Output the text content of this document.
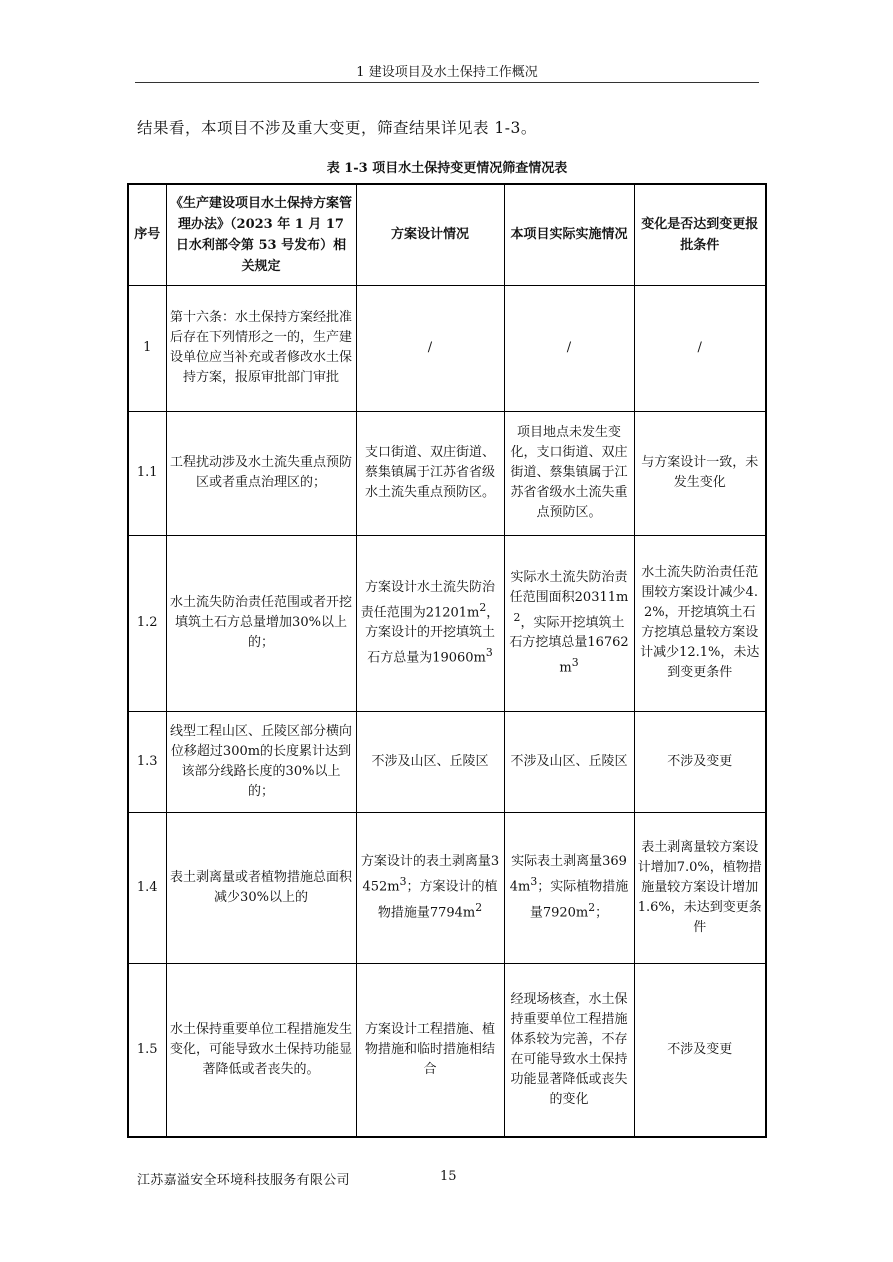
1 建设项目及水土保持工作概况
结果看，本项目不涉及重大变更，筛查结果详见表 1-3。
表 1-3 项目水土保持变更情况筛查情况表
序号	《生产建设项目水土保持方案管理办法》（2023 年 1 月 17 日水利部令第 53 号发布）相关规定	方案设计情况	本项目实际实施情况	变化是否达到变更报批条件
1	第十六条：水土保持方案经批准后存在下列情形之一的，生产建设单位应当补充或者修改水土保持方案，报原审批部门审批	/	/	/
1.1	工程扰动涉及水土流失重点预防区或者重点治理区的；	支口街道、双庄街道、蔡集镇属于江苏省省级水土流失重点预防区。	项目地点未发生变化，支口街道、双庄街道、蔡集镇属于江苏省省级水土流失重点预防区。	与方案设计一致，未发生变化
1.2	水土流失防治责任范围或者开挖填筑土石方总量增加30%以上的；	方案设计水土流失防治责任范围为$21201m^2$，方案设计的开挖填筑土石方总量为$19060m^3$	实际水土流失防治责任范围面积$20311m^2$，实际开挖填筑土石方挖填总量$16762m^3$	水土流失防治责任范围较方案设计减少4.2%，开挖填筑土石方挖填总量较方案设计减少12.1%，未达到变更条件
1.3	线型工程山区、丘陵区部分横向位移超过300m的长度累计达到该部分线路长度的30%以上的；	不涉及山区、丘陵区	不涉及山区、丘陵区	不涉及变更
1.4	表土剥离量或者植物措施总面积减少30%以上的	方案设计的表土剥离量$3452m^3$；方案设计的植物措施量$7794m^2$	实际表土剥离量$3694m^3$；实际植物措施量$7920m^2$；	表土剥离量较方案设计增加7.0%，植物措施量较方案设计增加1.6%，未达到变更条件
1.5	水土保持重要单位工程措施发生变化，可能导致水土保持功能显著降低或者丧失的。	方案设计工程措施、植物措施和临时措施相结合	经现场核查，水土保持重要单位工程措施体系较为完善，不存在可能导致水土保持功能显著降低或丧失的变化	不涉及变更
江苏嘉溢安全环境科技服务有限公司	15
